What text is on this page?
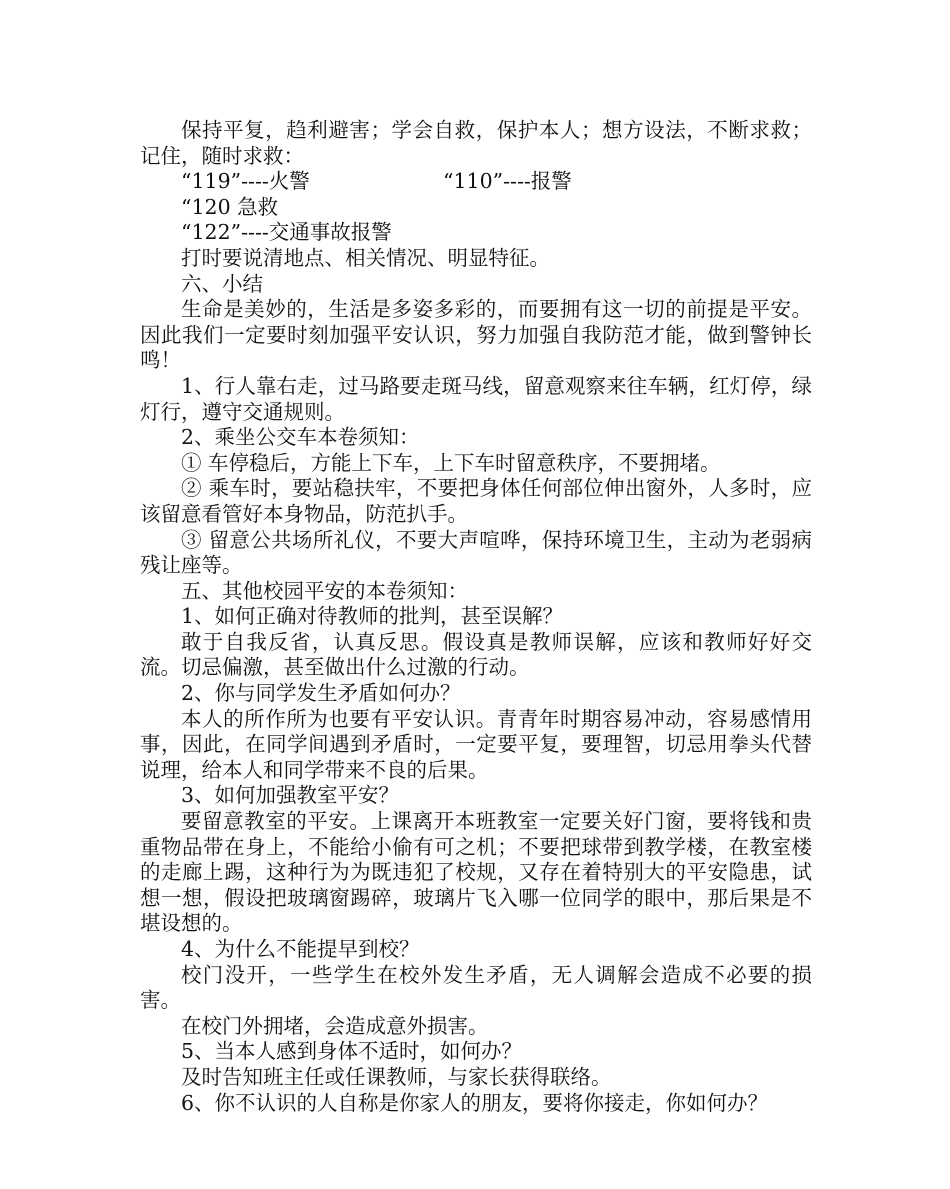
保持平复，趋利避害；学会自救，保护本人；想方设法，不断求救；记住，随时求救：

“119”----火警	“110”----报警

“120 急救

“122”----交通事故报警

打时要说清地点、相关情况、明显特征。

六、小结

生命是美妙的，生活是多姿多彩的，而要拥有这一切的前提是平安。因此我们一定要时刻加强平安认识，努力加强自我防范才能，做到警钟长鸣！

1、行人靠右走，过马路要走斑马线，留意观察来往车辆，红灯停，绿灯行，遵守交通规则。

2、乘坐公交车本卷须知：

① 车停稳后，方能上下车，上下车时留意秩序，不要拥堵。

② 乘车时，要站稳扶牢，不要把身体任何部位伸出窗外，人多时，应该留意看管好本身物品，防范扒手。

③ 留意公共场所礼仪，不要大声喧哗，保持环境卫生，主动为老弱病残让座等。

五、其他校园平安的本卷须知：

1、如何正确对待教师的批判，甚至误解？

敢于自我反省，认真反思。假设真是教师误解，应该和教师好好交流。切忌偏激，甚至做出什么过激的行动。

2、你与同学发生矛盾如何办？

本人的所作所为也要有平安认识。青青年时期容易冲动，容易感情用事，因此，在同学间遇到矛盾时，一定要平复，要理智，切忌用拳头代替说理，给本人和同学带来不良的后果。

3、如何加强教室平安？

要留意教室的平安。上课离开本班教室一定要关好门窗，要将钱和贵重物品带在身上，不能给小偷有可之机；不要把球带到教学楼，在教室楼的走廊上踢，这种行为为既违犯了校规，又存在着特别大的平安隐患，试想一想，假设把玻璃窗踢碎，玻璃片飞入哪一位同学的眼中，那后果是不堪设想的。

4、为什么不能提早到校？

校门没开，一些学生在校外发生矛盾，无人调解会造成不必要的损害。

在校门外拥堵，会造成意外损害。

5、当本人感到身体不适时，如何办？

及时告知班主任或任课教师，与家长获得联络。

6、你不认识的人自称是你家人的朋友，要将你接走，你如何办？
